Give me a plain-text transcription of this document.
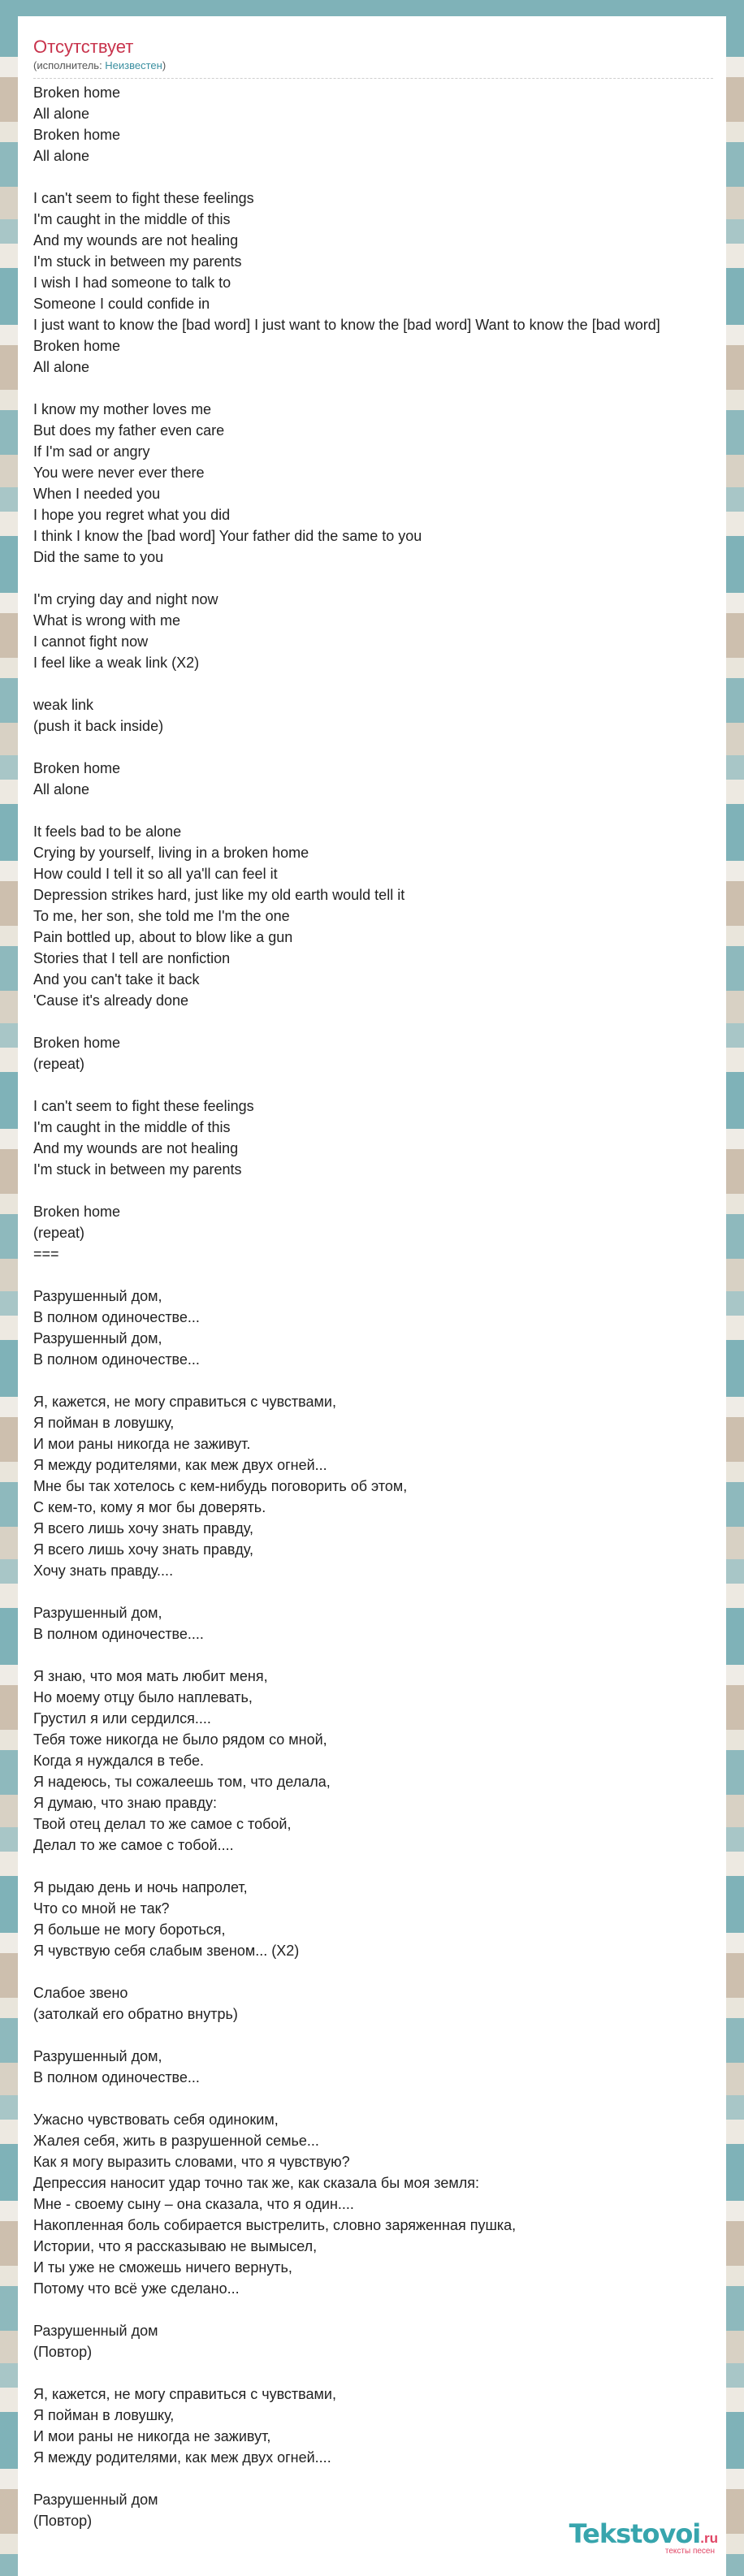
Отсутствует
(исполнитель: Неизвестен)
Broken home
All alone
Broken home
All alone

I can't seem to fight these feelings
I'm caught in the middle of this
And my wounds are not healing
I'm stuck in between my parents
I wish I had someone to talk to
Someone I could confide in
I just want to know the [bad word] I just want to know the [bad word] Want to know the [bad word]
Broken home
All alone

I know my mother loves me
But does my father even care
If I'm sad or angry
You were never ever there
When I needed you
I hope you regret what you did
I think I know the [bad word] Your father did the same to you
Did the same to you

I'm crying day and night now
What is wrong with me
I cannot fight now
I feel like a weak link (X2)

weak link
(push it back inside)

Broken home
All alone

It feels bad to be alone
Crying by yourself, living in a broken home
How could I tell it so all ya'll can feel it
Depression strikes hard, just like my old earth would tell it
To me, her son, she told me I'm the one
Pain bottled up, about to blow like a gun
Stories that I tell are nonfiction
And you can't take it back
'Cause it's already done

Broken home
(repeat)

I can't seem to fight these feelings
I'm caught in the middle of this
And my wounds are not healing
I'm stuck in between my parents

Broken home
(repeat)
===

Разрушенный дом,
В полном одиночестве...
Разрушенный дом,
В полном одиночестве...

Я, кажется, не могу справиться с чувствами,
Я пойман в ловушку,
И мои раны никогда не заживут.
Я между родителями, как меж двух огней...
Мне бы так хотелось с кем-нибудь поговорить об этом,
С кем-то, кому я мог бы доверять.
Я всего лишь хочу знать правду,
Я всего лишь хочу знать правду,
Хочу знать правду....

Разрушенный дом,
В полном одиночестве....

Я знаю, что моя мать любит меня,
Но моему отцу было наплевать,
Грустил я или сердился....
Тебя тоже никогда не было рядом со мной,
Когда я нуждался в тебе.
Я надеюсь, ты сожалеешь том, что делала,
Я думаю, что знаю правду:
Твой отец делал то же самое с тобой,
Делал то же самое с тобой....

Я рыдаю день и ночь напролет,
Что со мной не так?
Я больше не могу бороться,
Я чувствую себя слабым звеном... (X2)

Слабое звено
(затолкай его обратно внутрь)

Разрушенный дом,
В полном одиночестве...

Ужасно чувствовать себя одиноким,
Жалея себя, жить в разрушенной семье...
Как я могу выразить словами, что я чувствую?
Депрессия наносит удар точно так же, как сказала бы моя земля:
Мне - своему сыну – она сказала, что я один....
Накопленная боль собирается выстрелить, словно заряженная пушка,
Истории, что я рассказываю не вымысел,
И ты уже не сможешь ничего вернуть,
Потому что всё уже сделано...

Разрушенный дом
(Повтор)

Я, кажется, не могу справиться с чувствами,
Я пойман в ловушку,
И мои раны не никогда не заживут,
Я между родителями, как меж двух огней....

Разрушенный дом
(Повтор)	Tekstovoi.ru
тексты песен
